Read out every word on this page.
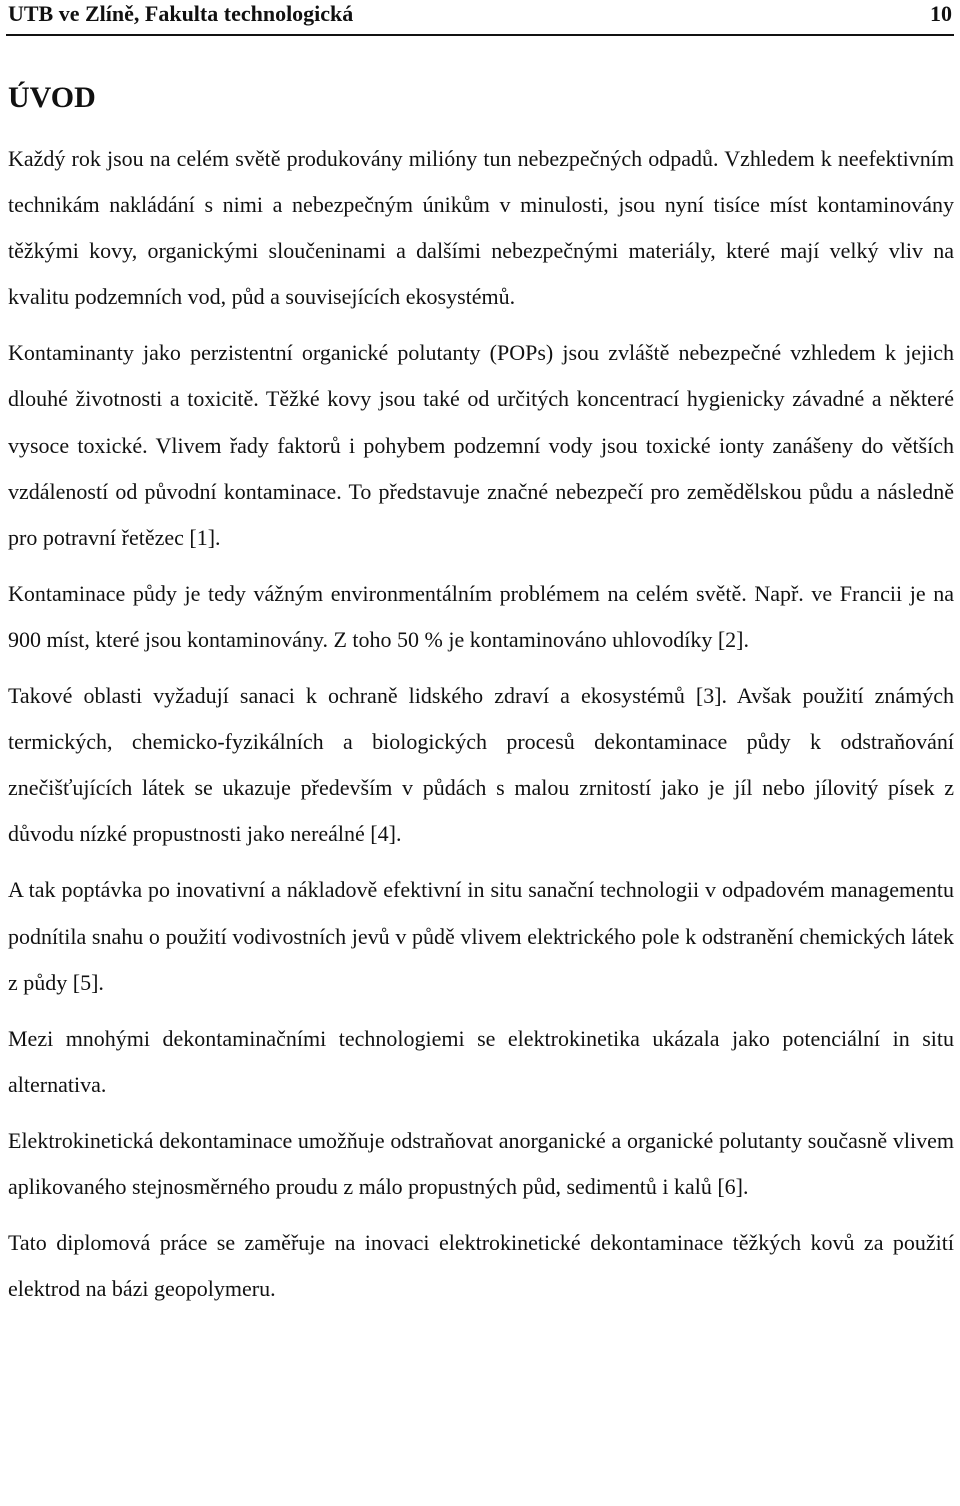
UTB ve Zlíně, Fakulta technologická	10
ÚVOD

Každý rok jsou na celém světě produkovány milióny tun nebezpečných odpadů. Vzhledem k neefektivním technikám nakládání s nimi a nebezpečným únikům v minulosti, jsou nyní tisíce míst kontaminovány těžkými kovy, organickými sloučeninami a dalšími nebezpečnými materiály, které mají velký vliv na kvalitu podzemních vod, půd a souvisejících ekosystémů.

Kontaminanty jako perzistentní organické polutanty (POPs) jsou zvláště nebezpečné vzhledem k jejich dlouhé životnosti a toxicitě. Těžké kovy jsou také od určitých koncentrací hygienicky závadné a některé vysoce toxické. Vlivem řady faktorů i pohybem podzemní vody jsou toxické ionty zanášeny do větších vzdáleností od původní kontaminace. To představuje značné nebezpečí pro zemědělskou půdu a následně pro potravní řetězec [1].

Kontaminace půdy je tedy vážným environmentálním problémem na celém světě. Např. ve Francii je na 900 míst, které jsou kontaminovány. Z toho 50 % je kontaminováno uhlovodíky [2].

Takové oblasti vyžadují sanaci k ochraně lidského zdraví a ekosystémů [3]. Avšak použití známých termických, chemicko-fyzikálních a biologických procesů dekontaminace půdy k odstraňování znečišťujících látek se ukazuje především v půdách s malou zrnitostí jako je jíl nebo jílovitý písek z důvodu nízké propustnosti jako nereálné [4].

A tak poptávka po inovativní a nákladově efektivní in situ sanační technologii v odpadovém managementu podnítila snahu o použití vodivostních jevů v půdě vlivem elektrického pole k odstranění chemických látek z půdy [5].

Mezi mnohými dekontaminačními technologiemi se elektrokinetika ukázala jako potenciální in situ alternativa.

Elektrokinetická dekontaminace umožňuje odstraňovat anorganické a organické polutanty současně vlivem aplikovaného stejnosměrného proudu z málo propustných půd, sedimentů i kalů [6].

Tato diplomová práce se zaměřuje na inovaci elektrokinetické dekontaminace těžkých kovů za použití elektrod na bázi geopolymeru.
